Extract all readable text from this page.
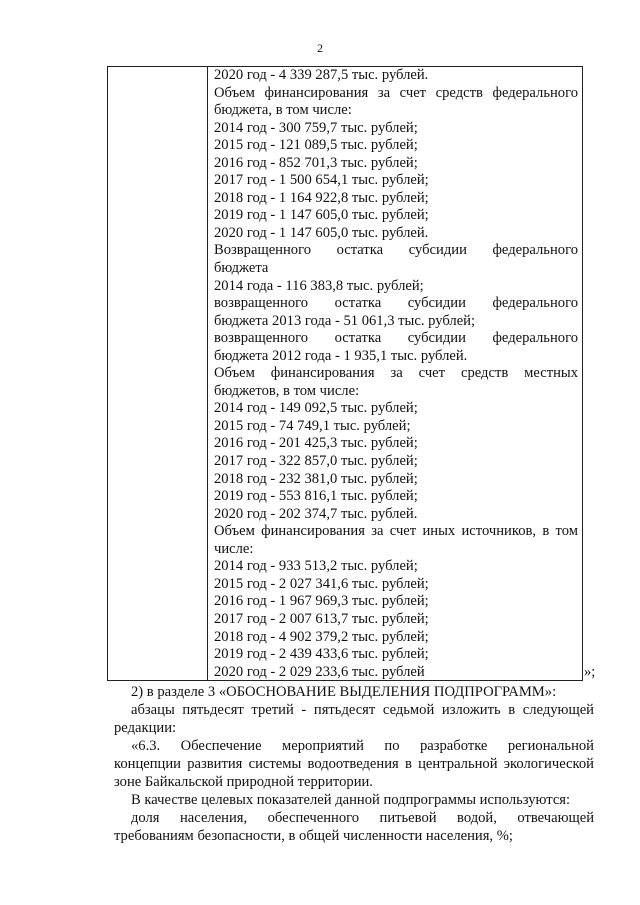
2
2020 год - 4 339 287,5 тыс. рублей.
Объем финансирования за счет средств федерального
бюджета, в том числе:
2014 год - 300 759,7 тыс. рублей;
2015 год - 121 089,5 тыс. рублей;
2016 год - 852 701,3 тыс. рублей;
2017 год - 1 500 654,1 тыс. рублей;
2018 год - 1 164 922,8 тыс. рублей;
2019 год - 1 147 605,0 тыс. рублей;
2020 год - 1 147 605,0 тыс. рублей.
Возвращенного остатка субсидии федерального
бюджета
2014 года - 116 383,8 тыс. рублей;
возвращенного остатка субсидии федерального
бюджета 2013 года - 51 061,3 тыс. рублей;
возвращенного остатка субсидии федерального
бюджета 2012 года - 1 935,1 тыс. рублей.
Объем финансирования за счет средств местных
бюджетов, в том числе:
2014 год - 149 092,5 тыс. рублей;
2015 год - 74 749,1 тыс. рублей;
2016 год - 201 425,3 тыс. рублей;
2017 год - 322 857,0 тыс. рублей;
2018 год - 232 381,0 тыс. рублей;
2019 год - 553 816,1 тыс. рублей;
2020 год - 202 374,7 тыс. рублей.
Объем финансирования за счет иных источников, в том
числе:
2014 год - 933 513,2 тыс. рублей;
2015 год - 2 027 341,6 тыс. рублей;
2016 год - 1 967 969,3 тыс. рублей;
2017 год - 2 007 613,7 тыс. рублей;
2018 год - 4 902 379,2 тыс. рублей;
2019 год - 2 439 433,6 тыс. рублей;
2020 год - 2 029 233,6 тыс. рублей	»;
2) в разделе 3 «ОБОСНОВАНИЕ ВЫДЕЛЕНИЯ ПОДПРОГРАММ»:
абзацы пятьдесят третий - пятьдесят седьмой изложить в следующей
редакции:
«6.3. Обеспечение мероприятий по разработке региональной
концепции развития системы водоотведения в центральной экологической
зоне Байкальской природной территории.
В качестве целевых показателей данной подпрограммы используются:
доля населения, обеспеченного питьевой водой, отвечающей
требованиям безопасности, в общей численности населения, %;
